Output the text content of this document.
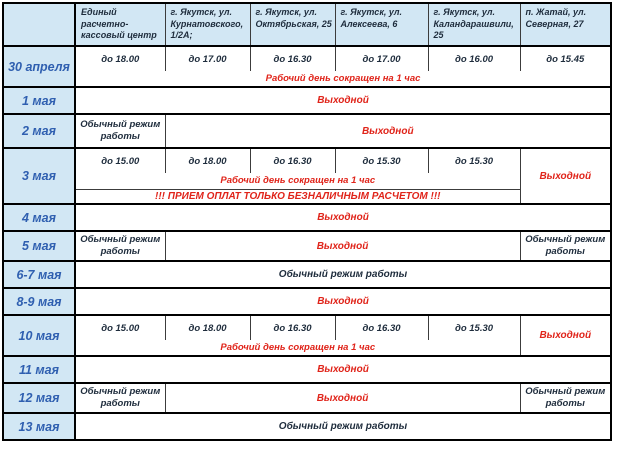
	Единый расчетно-кассовый центр	г. Якутск, ул. Курнатовского, 1/2А;	г. Якутск, ул. Октябрьская, 25	г. Якутск, ул. Алексеева, 6	г. Якутск, ул. Каландарашвили, 25	п. Жатай, ул. Северная, 27
30 апреля	до 18.00	до 17.00	до 16.30	до 17.00	до 16.00	до 15.45
	Рабочий день сокращен на 1 час					
1 мая	Выходной					
2 мая	Обычный режим работы	Выходной				
3 мая	до 15.00	до 18.00	до 16.30	до 15.30	до 15.30	Выходной
	Рабочий день сокращен на 1 час					
	!!! ПРИЕМ ОПЛАТ ТОЛЬКО БЕЗНАЛИЧНЫМ РАСЧЕТОМ !!!					
4 мая	Выходной					
5 мая	Обычный режим работы	Выходной				Обычный режим работы
6-7 мая	Обычный режим работы					
8-9 мая	Выходной					
10 мая	до 15.00	до 18.00	до 16.30	до 16.30	до 15.30	Выходной
	Рабочий день сокращен на 1 час					
11 мая	Выходной					
12 мая	Обычный режим работы	Выходной				Обычный режим работы
13 мая	Обычный режим работы					
